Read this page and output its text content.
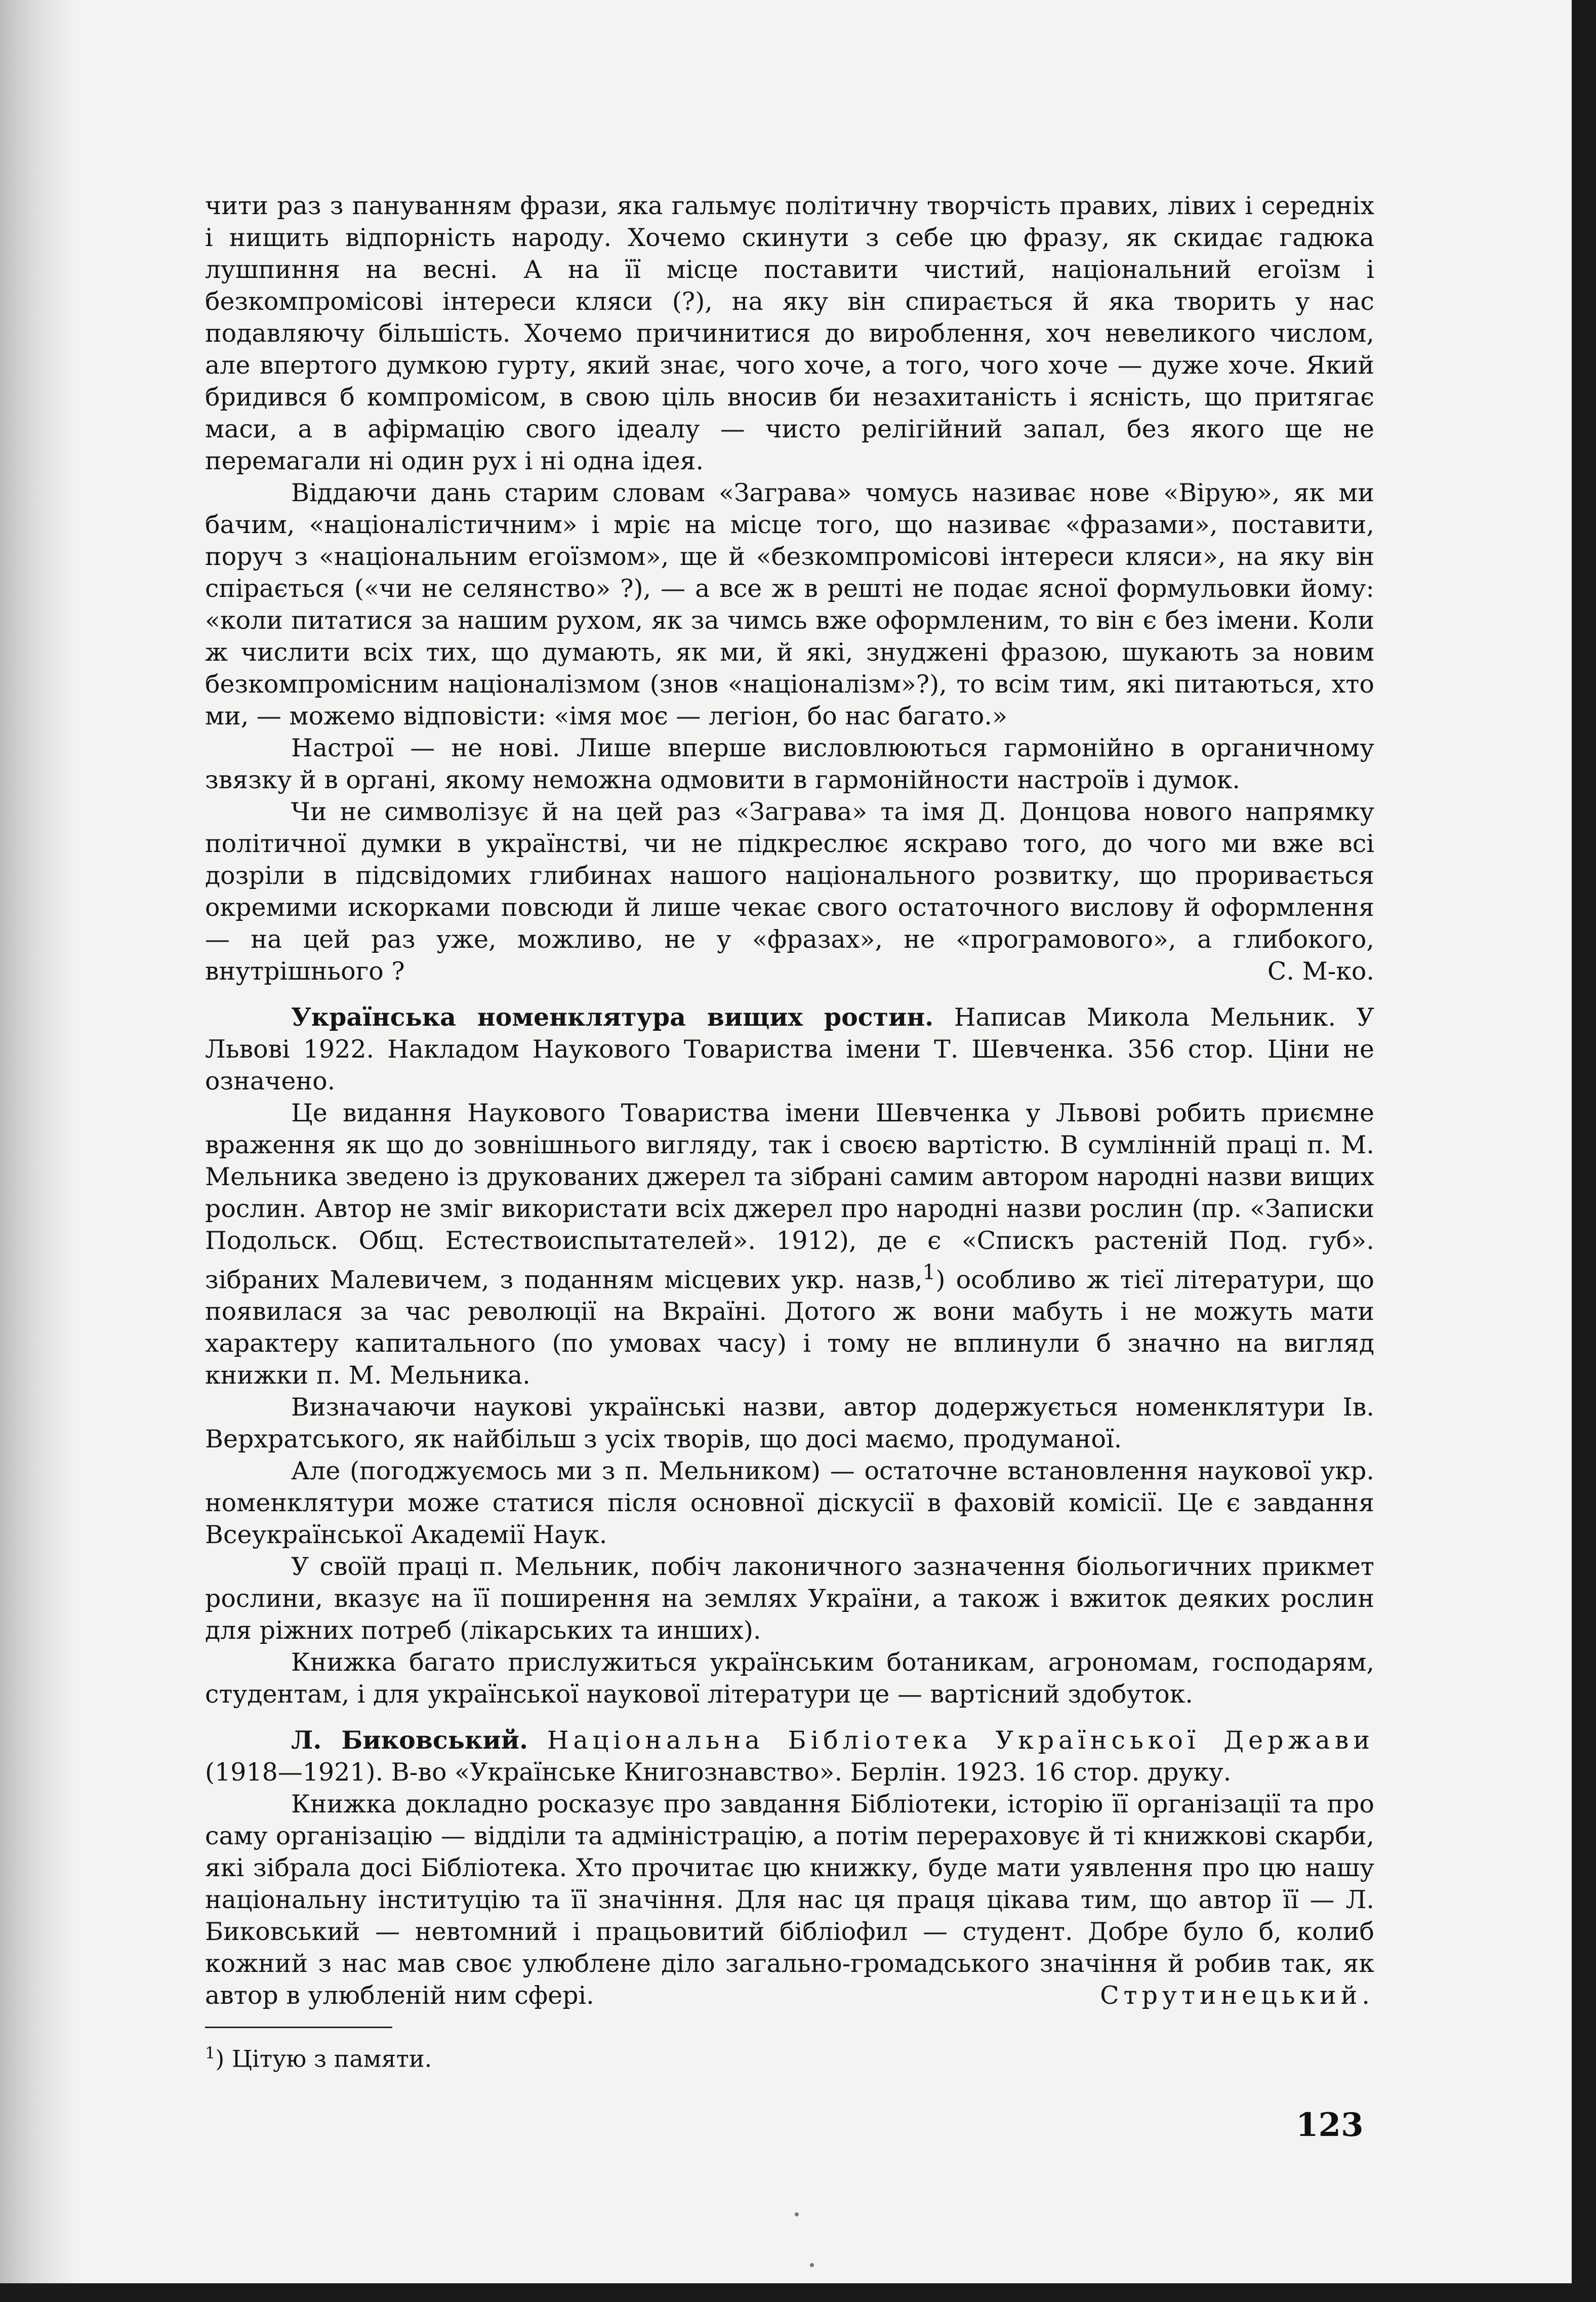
чити раз з пануванням фрази, яка гальмує політичну творчість правих, лівих і середніх і нищить відпорність народу. Хочемо скинути з себе цю фразу, як скидає гадюка лушпиння на весні. А на її місце поставити чистий, національний егоїзм і безкомпромісові інтереси кляси (?), на яку він спирається й яка творить у нас подавляючу більшість. Хочемо причинитися до вироблення, хоч невеликого числом, але впертого думкою гурту, який знає, чого хоче, а того, чого хоче — дуже хоче. Який бридився б компромісом, в свою ціль вносив би незахитаність і ясність, що притягає маси, а в афірмацію свого ідеалу — чисто релігійний запал, без якого ще не перемагали ні один рух і ні одна ідея.

Віддаючи дань старим словам «Заграва» чомусь називає нове «Вірую», як ми бачим, «націоналістичним» і мріє на місце того, що називає «фразами», поставити, поруч з «національним егоїзмом», ще й «безкомпромісові інтереси кляси», на яку він спірається («чи не селянство» ?), — а все ж в решті не подає ясної формульовки йому: «коли питатися за нашим рухом, як за чимсь вже оформленим, то він є без імени. Коли ж числити всіх тих, що думають, як ми, й які, знуджені фразою, шукають за новим безкомпромісним націоналізмом (знов «націоналізм»?), то всім тим, які питаються, хто ми, — можемо відповісти: «імя моє — легіон, бо нас багато.»

Настрої — не нові. Лише вперше висловлюються гармонійно в органичному звязку й в органі, якому неможна одмовити в гармонійности настроїв і думок.

Чи не символізує й на цей раз «Заграва» та імя Д. Донцова нового напрямку політичної думки в українстві, чи не підкреслює яскраво того, до чого ми вже всі дозріли в підсвідомих глибинах нашого національного розвитку, що проривається окремими искорками повсюди й лише чекає свого остаточного вислову й оформлення — на цей раз уже, можливо, не у «фразах», не «програмового», а глибокого, внутрішнього ?	С. М-ко.

Українська номенклятура вищих ростин. Написав Микола Мельник. У Львові 1922. Накладом Наукового Товариства імени Т. Шевченка. 356 стор. Ціни не означено.

Це видання Наукового Товариства імени Шевченка у Львові робить приємне враження як що до зовнішнього вигляду, так і своєю вартістю. В сумлінній праці п. М. Мельника зведено із друкованих джерел та зібрані самим автором народні назви вищих рослин. Автор не зміг використати всіх джерел про народні назви рослин (пр. «Записки Подольск. Общ. Естествоиспытателей». 1912), де є «Спискъ растеній Под. губ». зібраних Малевичем, з поданням місцевих укр. назв,$^1$) особливо ж тієї літератури, що появилася за час революції на Вкраїні. Дотого ж вони мабуть і не можуть мати характеру капитального (по умовах часу) і тому не вплинули б значно на вигляд книжки п. М. Мельника.

Визначаючи наукові українські назви, автор додержується номенклятури Ів. Верхратського, як найбільш з усіх творів, що досі маємо, продуманої.

Але (погоджуємось ми з п. Мельником) — остаточне встановлення наукової укр. номенклятури може статися після основної діскусії в фаховій комісії. Це є завдання Всеукраїнської Академії Наук.

У своїй праці п. Мельник, побіч лаконичного зазначення біольогичних прикмет рослини, вказує на її поширення на землях України, а також і вжиток деяких рослин для ріжних потреб (лікарських та инших).

Книжка багато прислужиться українським ботаникам, агрономам, господарям, студентам, і для української наукової літератури це — вартісний здобуток.

Л. Биковський. Національна Бібліотека Української Держави (1918—1921). В-во «Українське Книгознавство». Берлін. 1923. 16 стор. друку.

Книжка докладно росказує про завдання Бібліотеки, історію її організації та про саму організацію — відділи та адміністрацію, а потім перераховує й ті книжкові скарби, які зібрала досі Бібліотека. Хто прочитає цю книжку, буде мати уявлення про цю нашу національну інституцію та її значіння. Для нас ця праця цікава тим, що автор її — Л. Биковський — невтомний і працьовитий бібліофил — студент. Добре було б, колиб кожний з нас мав своє улюблене діло загально-громадського значіння й робив так, як автор в улюбленій ним сфері.	Струтинецький.

$^1$) Цітую з памяти.

123
